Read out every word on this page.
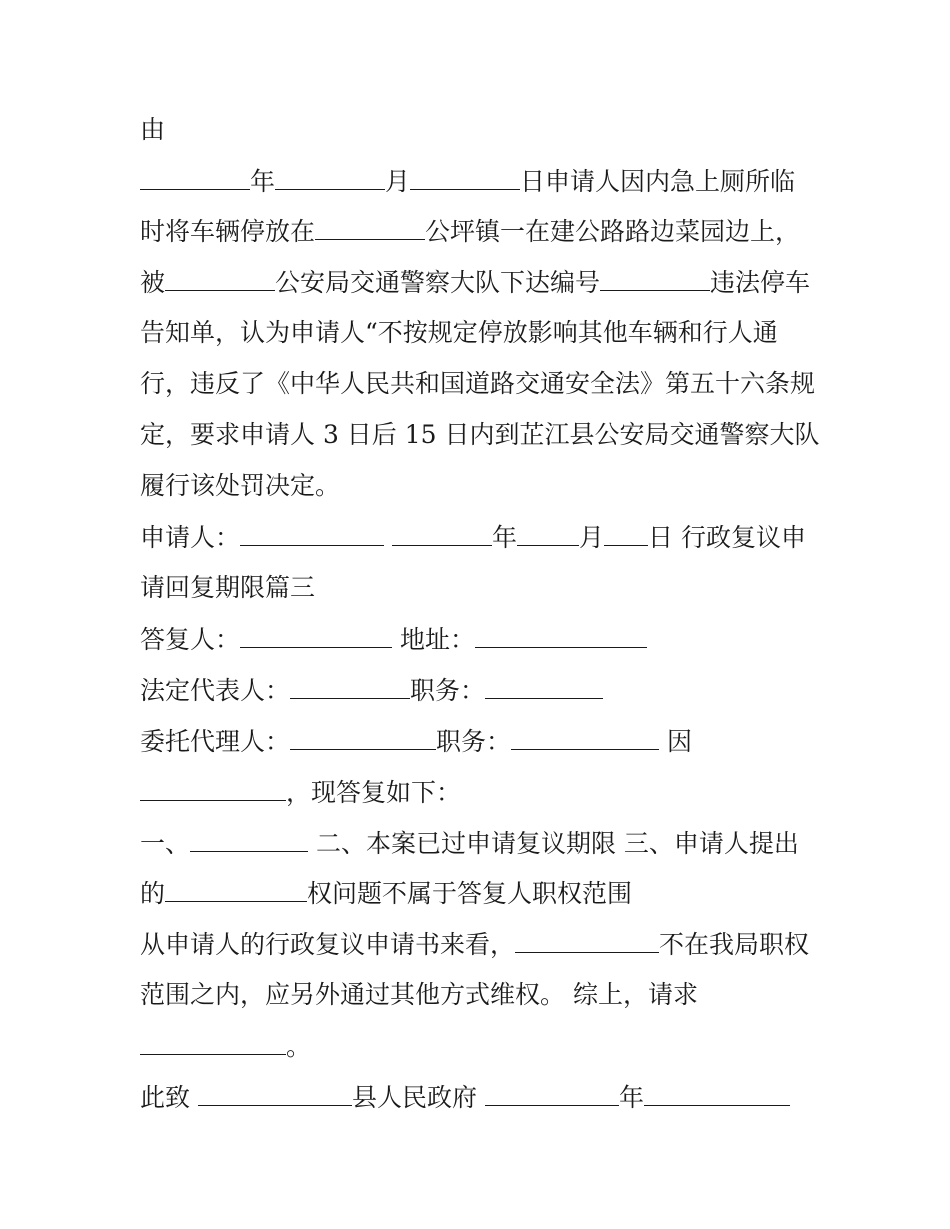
由
年	月	日申请人因内急上厕所临
时将车辆停放在	公坪镇一在建公路路边菜园边上，
被	公安局交通警察大队下达编号	违法停车
告知单，认为申请人“不按规定停放影响其他车辆和行人通
行，违反了《中华人民共和国道路交通安全法》第五十六条规
定，要求申请人 3 日后 15 日内到芷江县公安局交通警察大队
履行该处罚决定。
申请人：	年 月 日 行政复议申
请回复期限篇三
答复人：	地址：
法定代表人：	职务：
委托代理人：	职务：	因
，现答复如下：
一、	二、本案已过申请复议期限 三、申请人提出
的	权问题不属于答复人职权范围
从申请人的行政复议申请书来看，	不在我局职权
范围之内，应另外通过其他方式维权。 综上，请求
。
此致	县人民政府	年
